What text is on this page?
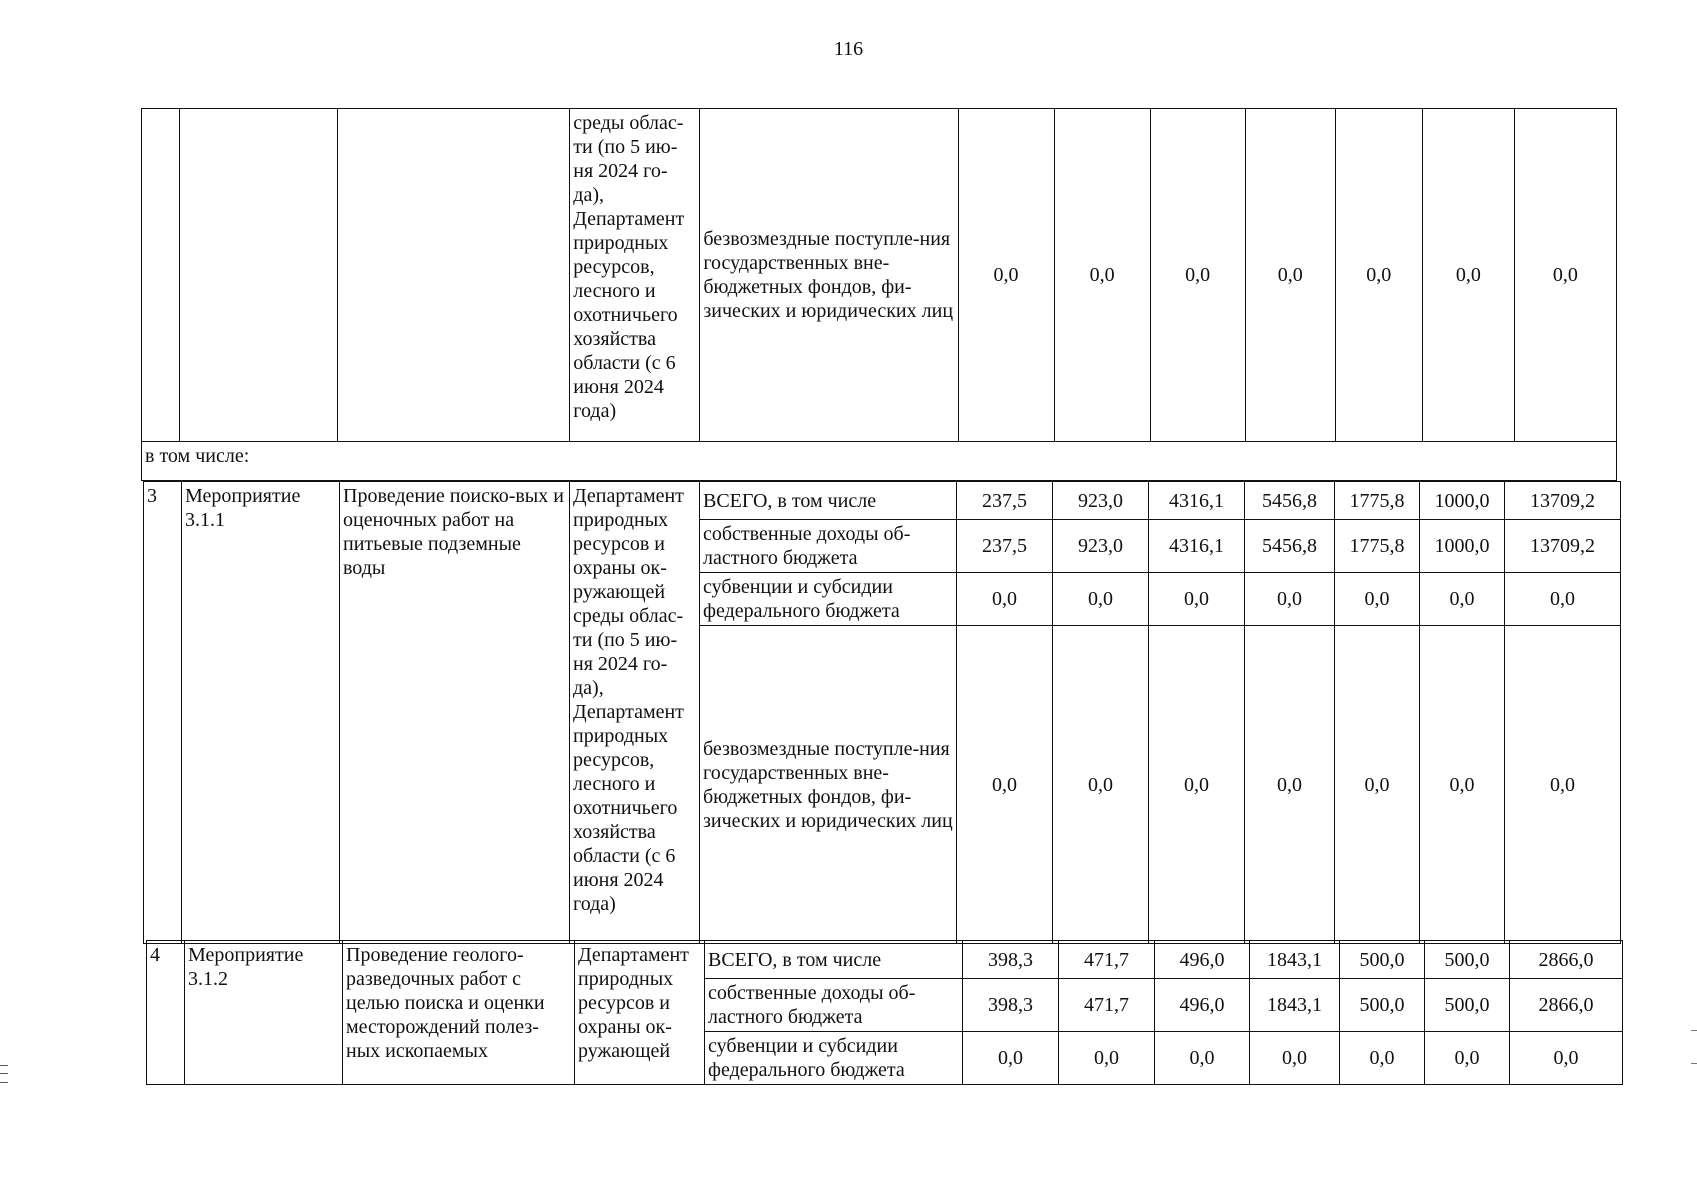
116
			среды облас-ти (по 5 ию-ня 2024 го-да), Департамент природных ресурсов, лесного и охотничьего хозяйства области (с 6 июня 2024 года)	безвозмездные поступле-ния государственных вне-бюджетных фондов, фи-зических и юридических лиц	0,0	0,0	0,0	0,0	0,0	0,0	0,0
в том числе:
3	Мероприятие 3.1.1	Проведение поиско-вых и оценочных работ на питьевые подземные воды	Департамент природных ресурсов и охраны ок-ружающей среды облас-ти (по 5 ию-ня 2024 го-да), Департамент природных ресурсов, лесного и охотничьего хозяйства области (с 6 июня 2024 года)	ВСЕГО, в том числе	237,5	923,0	4316,1	5456,8	1775,8	1000,0	13709,2
				собственные доходы об-ластного бюджета	237,5	923,0	4316,1	5456,8	1775,8	1000,0	13709,2
				субвенции и субсидии федерального бюджета	0,0	0,0	0,0	0,0	0,0	0,0	0,0
				безвозмездные поступле-ния государственных вне-бюджетных фондов, фи-зических и юридических лиц	0,0	0,0	0,0	0,0	0,0	0,0	0,0
4	Мероприятие 3.1.2	Проведение геолого-разведочных работ с целью поиска и оценки месторождений полез-ных ископаемых	Департамент природных ресурсов и охраны ок-ружающей	ВСЕГО, в том числе	398,3	471,7	496,0	1843,1	500,0	500,0	2866,0
				собственные доходы об-ластного бюджета	398,3	471,7	496,0	1843,1	500,0	500,0	2866,0
				субвенции и субсидии федерального бюджета	0,0	0,0	0,0	0,0	0,0	0,0	0,0
